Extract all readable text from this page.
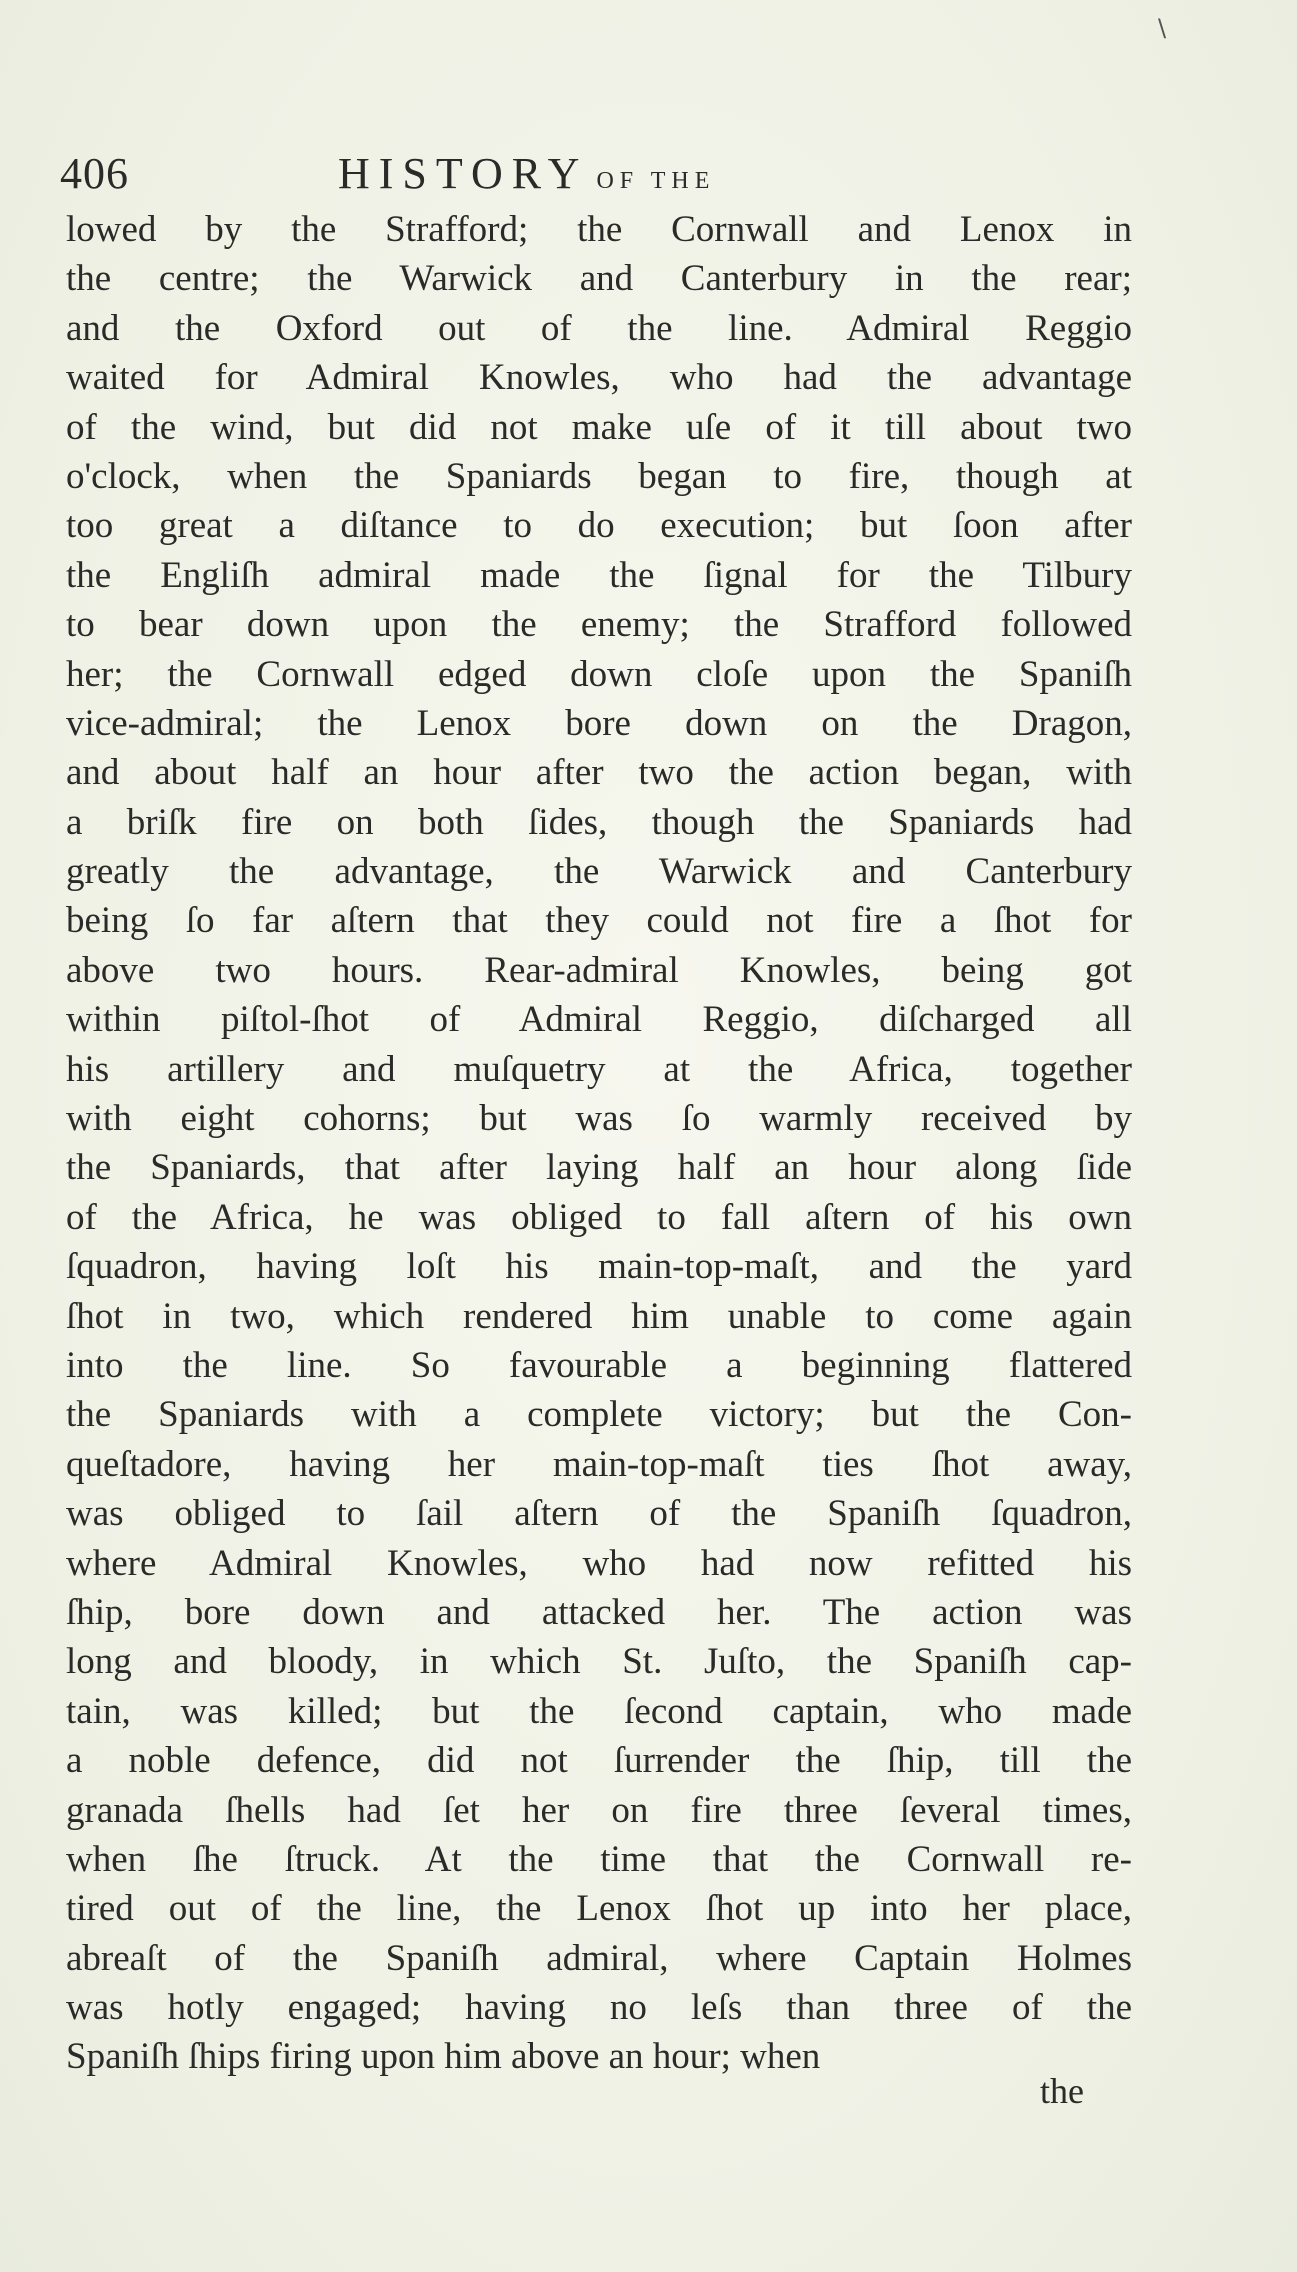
\
406	HISTORY OF THE
lowed by the Strafford; the Cornwall and Lenox in
the centre; the Warwick and Canterbury in the rear;
and the Oxford out of the line. Admiral Reggio
waited for Admiral Knowles, who had the advantage
of the wind, but did not make uſe of it till about two
o'clock, when the Spaniards began to fire, though at
too great a diſtance to do execution; but ſoon after
the Engliſh admiral made the ſignal for the Tilbury
to bear down upon the enemy; the Strafford followed
her; the Cornwall edged down cloſe upon the Spaniſh
vice-admiral; the Lenox bore down on the Dragon,
and about half an hour after two the action began, with
a briſk fire on both ſides, though the Spaniards had
greatly the advantage, the Warwick and Canterbury
being ſo far aſtern that they could not fire a ſhot for
above two hours. Rear-admiral Knowles, being got
within piſtol-ſhot of Admiral Reggio, diſcharged all
his artillery and muſquetry at the Africa, together
with eight cohorns; but was ſo warmly received by
the Spaniards, that after laying half an hour along ſide
of the Africa, he was obliged to fall aſtern of his own
ſquadron, having loſt his main-top-maſt, and the yard
ſhot in two, which rendered him unable to come again
into the line. So favourable a beginning flattered
the Spaniards with a complete victory; but the Con-
queſtadore, having her main-top-maſt ties ſhot away,
was obliged to ſail aſtern of the Spaniſh ſquadron,
where Admiral Knowles, who had now refitted his
ſhip, bore down and attacked her. The action was
long and bloody, in which St. Juſto, the Spaniſh cap-
tain, was killed; but the ſecond captain, who made
a noble defence, did not ſurrender the ſhip, till the
granada ſhells had ſet her on fire three ſeveral times,
when ſhe ſtruck. At the time that the Cornwall re-
tired out of the line, the Lenox ſhot up into her place,
abreaſt of the Spaniſh admiral, where Captain Holmes
was hotly engaged; having no leſs than three of the
Spaniſh ſhips firing upon him above an hour; when
the
